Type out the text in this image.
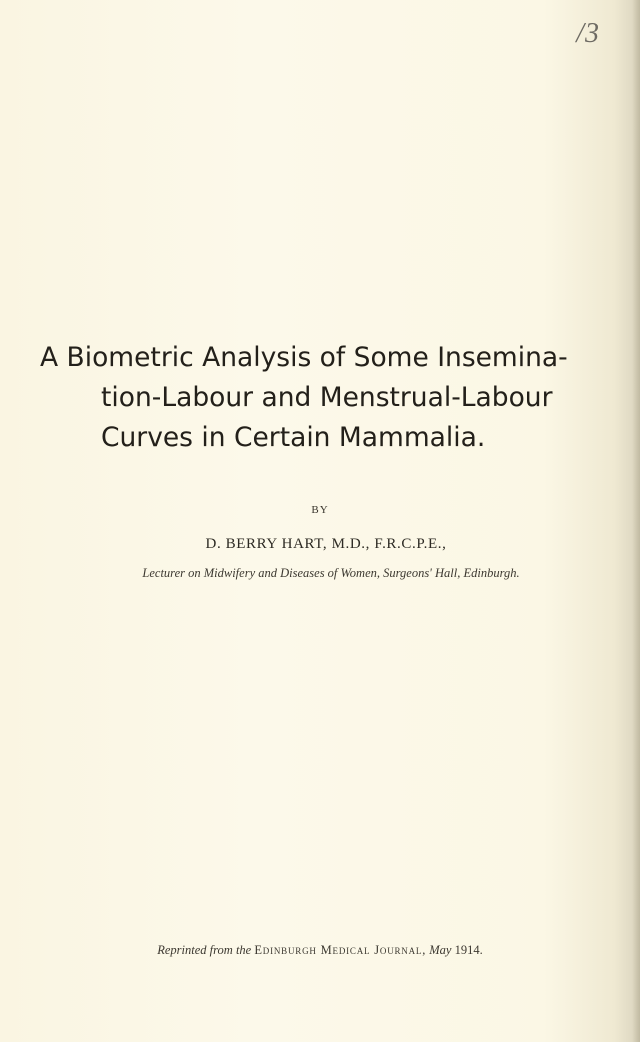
/3
A Biometric Analysis of Some Insemina-
tion-Labour and Menstrual-Labour
Curves in Certain Mammalia.
BY
D. BERRY HART, M.D., F.R.C.P.E.,
Lecturer on Midwifery and Diseases of Women, Surgeons' Hall, Edinburgh.
Reprinted from the Edinburgh Medical Journal, May 1914.
